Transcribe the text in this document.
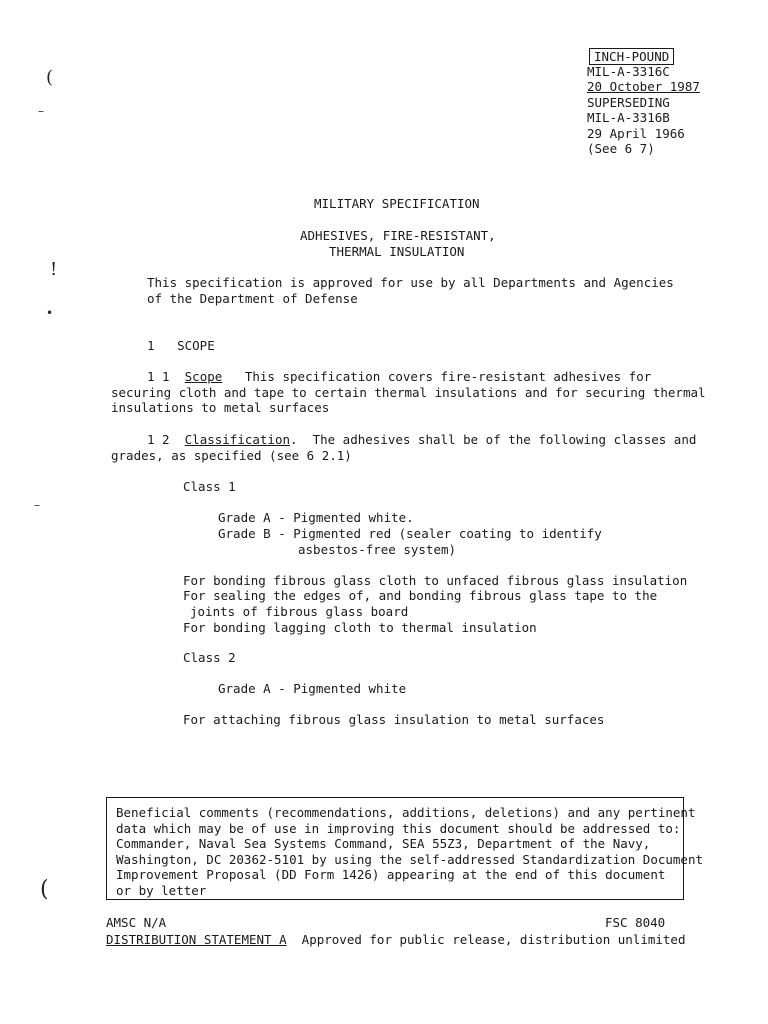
(
–
!
•
–
(
INCH-POUND
MIL-A-3316C
20 October 1987
SUPERSEDING
MIL-A-3316B
29 April 1966
(See 6 7)
MILITARY SPECIFICATION
ADHESIVES, FIRE-RESISTANT,
THERMAL INSULATION
This specification is approved for use by all Departments and Agencies
of the Department of Defense
1   SCOPE
1 1 Scope This specification covers fire-resistant adhesives for
securing cloth and tape to certain thermal insulations and for securing thermal
insulations to metal surfaces
1 2 Classification.  The adhesives shall be of the following classes and
grades, as specified (see 6 2.1)
Class 1
Grade A - Pigmented white.
Grade B - Pigmented red (sealer coating to identify
asbestos-free system)
For bonding fibrous glass cloth to unfaced fibrous glass insulation
For sealing the edges of, and bonding fibrous glass tape to the
joints of fibrous glass board
For bonding lagging cloth to thermal insulation
Class 2
Grade A - Pigmented white
For attaching fibrous glass insulation to metal surfaces
Beneficial comments (recommendations, additions, deletions) and any pertinent
data which may be of use in improving this document should be addressed to:
Commander, Naval Sea Systems Command, SEA 55Z3, Department of the Navy,
Washington, DC 20362-5101 by using the self-addressed Standardization Document
Improvement Proposal (DD Form 1426) appearing at the end of this document
or by letter
AMSC N/A	FSC 8040
DISTRIBUTION STATEMENT A  Approved for public release, distribution unlimited
